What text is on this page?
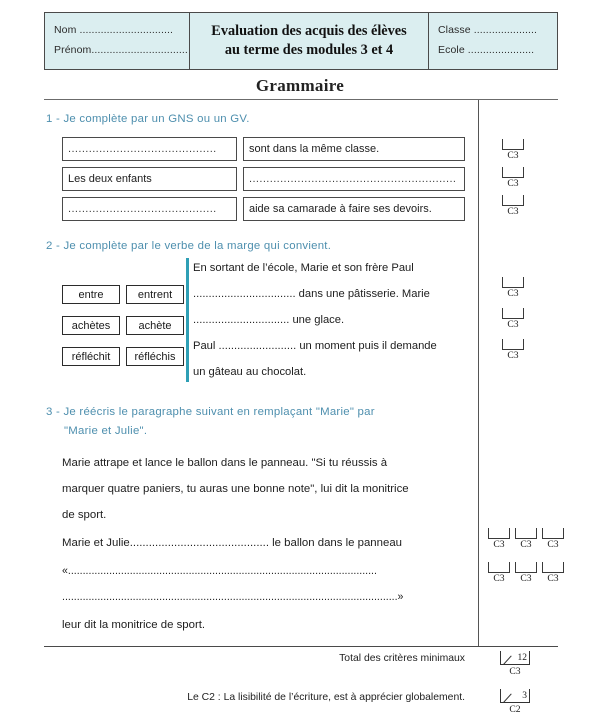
Nom ...............................
Prénom................................
Evaluation des acquis des élèves
au terme des modules 3 et 4
Classe .....................
Ecole ......................
Grammaire
1 - Je complète par un GNS ou un GV.
...........................................	sont dans la même classe.
Les deux enfants	............................................................
...........................................	aide sa camarade à faire ses devoirs.
C3
C3
C3
2 - Je complète par le verbe de la marge qui convient.
entre	entrent
achètes	achète
réfléchit	réfléchis
En sortant de l’école, Marie et son frère Paul
................................. dans une pâtisserie. Marie
............................... une glace.
Paul ......................... un moment puis il demande
un gâteau au chocolat.
C3
C3
C3
3 - Je réécris le paragraphe suivant en remplaçant "Marie" par
"Marie et Julie".
Marie attrape et lance le ballon dans le panneau. "Si tu réussis à
marquer quatre paniers, tu auras une bonne note", lui dit la monitrice
de sport.
Marie et Julie............................................ le ballon dans le panneau
«.........................................................................................................
..................................................................................................................»
leur dit la monitrice de sport.
C3	C3	C3
C3	C3	C3
Total des critères minimaux	12
C3
Le C2 : La lisibilité de l’écriture, est à apprécier globalement.	3
C2
